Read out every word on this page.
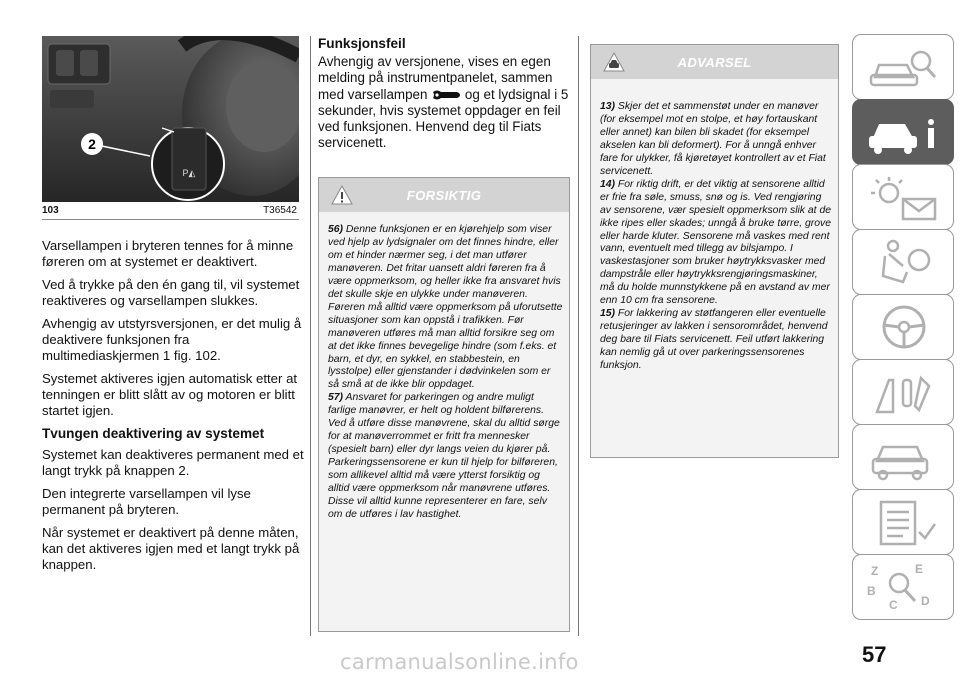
2
P◭
103	T36542

Varsellampen i bryteren tennes for å minne føreren om at systemet er deaktivert.

Ved å trykke på den én gang til, vil systemet reaktiveres og varsellampen slukkes.

Avhengig av utstyrsversjonen, er det mulig å deaktivere funksjonen fra multimediaskjermen 1 fig. 102.

Systemet aktiveres igjen automatisk etter at tenningen er blitt slått av og motoren er blitt startet igjen.

Tvungen deaktivering av systemet

Systemet kan deaktiveres permanent med et langt trykk på knappen 2.

Den integrerte varsellampen vil lyse permanent på bryteren.

Når systemet er deaktivert på denne måten, kan det aktiveres igjen med et langt trykk på knappen.

Funksjonsfeil
Avhengig av versjonene, vises en egen melding på instrumentpanelet, sammen med varsellampen	og et lydsignal i 5 sekunder, hvis systemet oppdager en feil ved funksjonen. Henvend deg til Fiats servicenett.
FORSIKTIG
56) Denne funksjonen er en kjørehjelp som viser ved hjelp av lydsignaler om det finnes hindre, eller om et hinder nærmer seg, i det man utfører manøveren. Det fritar uansett aldri føreren fra å være oppmerksom, og heller ikke fra ansvaret hvis det skulle skje en ulykke under manøveren. Føreren må alltid være oppmerksom på uforutsette situasjoner som kan oppstå i trafikken. Før manøveren utføres må man alltid forsikre seg om at det ikke finnes bevegelige hindre (som f.eks. et barn, et dyr, en sykkel, en stabbestein, en lysstolpe) eller gjenstander i dødvinkelen som er så små at de ikke blir oppdaget.
57) Ansvaret for parkeringen og andre muligt farlige manøvrer, er helt og holdent bilførerens. Ved å utføre disse manøvrene, skal du alltid sørge for at manøverrommet er fritt fra mennesker (spesielt barn) eller dyr langs veien du kjører på. Parkeringssensorene er kun til hjelp for bilføreren, som allikevel alltid må være ytterst forsiktig og alltid være oppmerksom når manøvrene utføres. Disse vil alltid kunne representerer en fare, selv om de utføres i lav hastighet.
ADVARSEL
13) Skjer det et sammenstøt under en manøver (for eksempel mot en stolpe, et høy fortauskant eller annet) kan bilen bli skadet (for eksempel akselen kan bli deformert). For å unngå enhver fare for ulykker, få kjøretøyet kontrollert av et Fiat servicenett.
14) For riktig drift, er det viktig at sensorene alltid er frie fra søle, smuss, snø og is. Ved rengjøring av sensorene, vær spesielt oppmerksom slik at de ikke ripes eller skades; unngå å bruke tørre, grove eller harde kluter. Sensorene må vaskes med rent vann, eventuelt med tillegg av bilsjampo. I vaskestasjoner som bruker høytrykksvasker med dampstråle eller høytrykksrengjøringsmaskiner, må du holde munnstykkene på en avstand av mer enn 10 cm fra sensorene.
15) For lakkering av støtfangeren eller eventuelle retusjeringer av lakken i sensorområdet, henvend deg bare til Fiats servicenett. Feil utført lakkering kan nemlig gå ut over parkeringssensorenes funksjon.
Z	E
B
C D
57
carmanualsonline.info
